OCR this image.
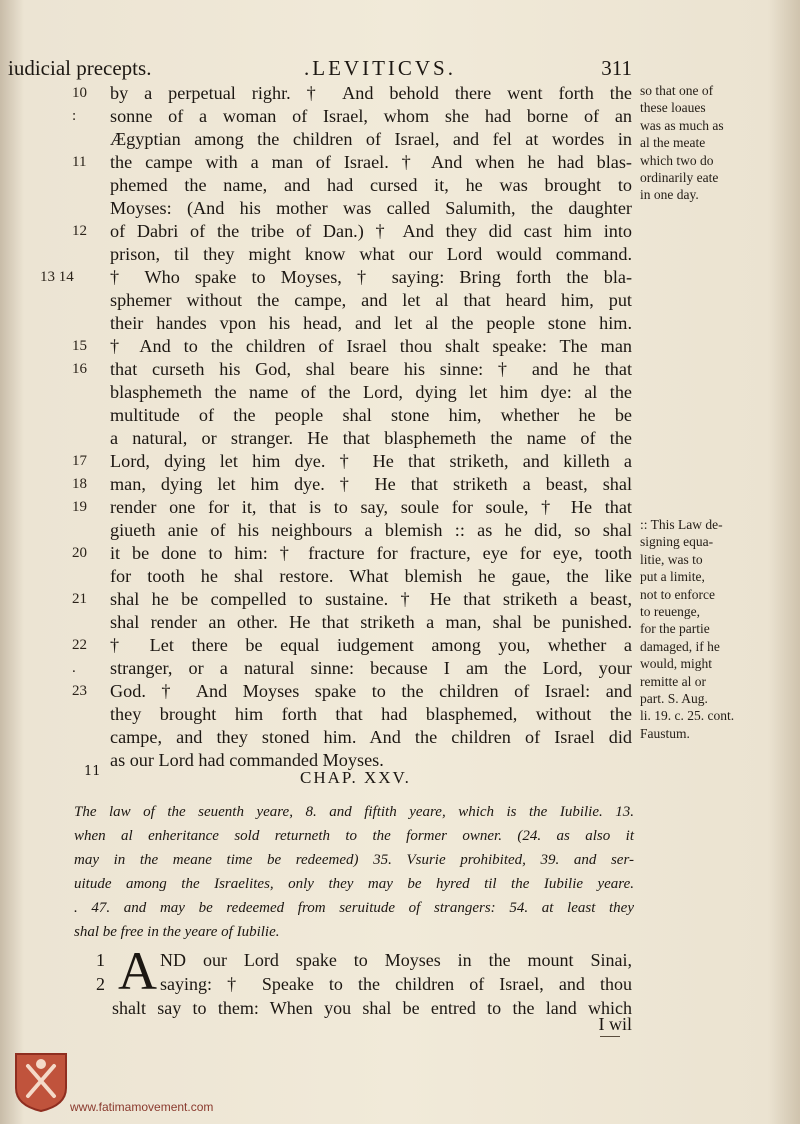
iudicial precepts.	.LEVITICVS.	311
10	by a perpetual righr. † And behold there went forth the
:	sonne of a woman of Israel, whom she had borne of an
Ægyptian among the children of Israel, and fel at wordes in
11	the campe with a man of Israel. † And when he had blas-
phemed the name, and had cursed it, he was brought to
Moyses: (And his mother was called Salumith, the daughter
12	of Dabri of the tribe of Dan.) † And they did cast him into
prison, til they might know what our Lord would command.
13 14	† Who spake to Moyses, † saying: Bring forth the bla-
sphemer without the campe, and let al that heard him, put
their handes vpon his head, and let al the people stone him.
15	† And to the children of Israel thou shalt speake: The man
16	that curseth his God, shal beare his sinne: † and he that
blasphemeth the name of the Lord, dying let him dye: al the
multitude of the people shal stone him, whether he be
a natural, or stranger. He that blasphemeth the name of the
17	Lord, dying let him dye. † He that striketh, and killeth a
18	man, dying let him dye. † He that striketh a beast, shal
19	render one for it, that is to say, soule for soule, † He that
giueth anie of his neighbours a blemish :: as he did, so shal
20	it be done to him: † fracture for fracture, eye for eye, tooth
for tooth he shal restore. What blemish he gaue, the like
21	shal he be compelled to sustaine. † He that striketh a beast,
shal render an other. He that striketh a man, shal be punished.
22	† Let there be equal iudgement among you, whether a
.	stranger, or a natural sinne: because I am the Lord, your
23	God. † And Moyses spake to the children of Israel: and
they brought him forth that had blasphemed, without the
campe, and they stoned him. And the children of Israel did
as our Lord had commanded Moyses.
so that one of
these loaues
was as much as
al the meate
which two do
ordinarily eate
in one day.
:: This Law de-
signing equa-
litie, was to
put a limite,
not to enforce
to reuenge,
for the partie
damaged, if he
would, might
remitte al or
part. S. Aug.
li. 19. c. 25. cont.
Faustum.
11	CHAP. XXV.
The law of the seuenth yeare, 8. and fiftith yeare, which is the Iubilie. 13.
when al enheritance sold returneth to the former owner. (24. as also it
may in the meane time be redeemed) 35. Vsurie prohibited, 39. and ser-
uitude among the Israelites, only they may be hyred til the Iubilie yeare.
. 47. and may be redeemed from seruitude of strangers: 54. at least they
shal be free in the yeare of Iubilie.
A
1	ND our Lord spake to Moyses in the mount Sinai,
2	saying: † Speake to the children of Israel, and thou
shalt say to them: When you shal be entred to the land which
I wil
www.fatimamovement.com
